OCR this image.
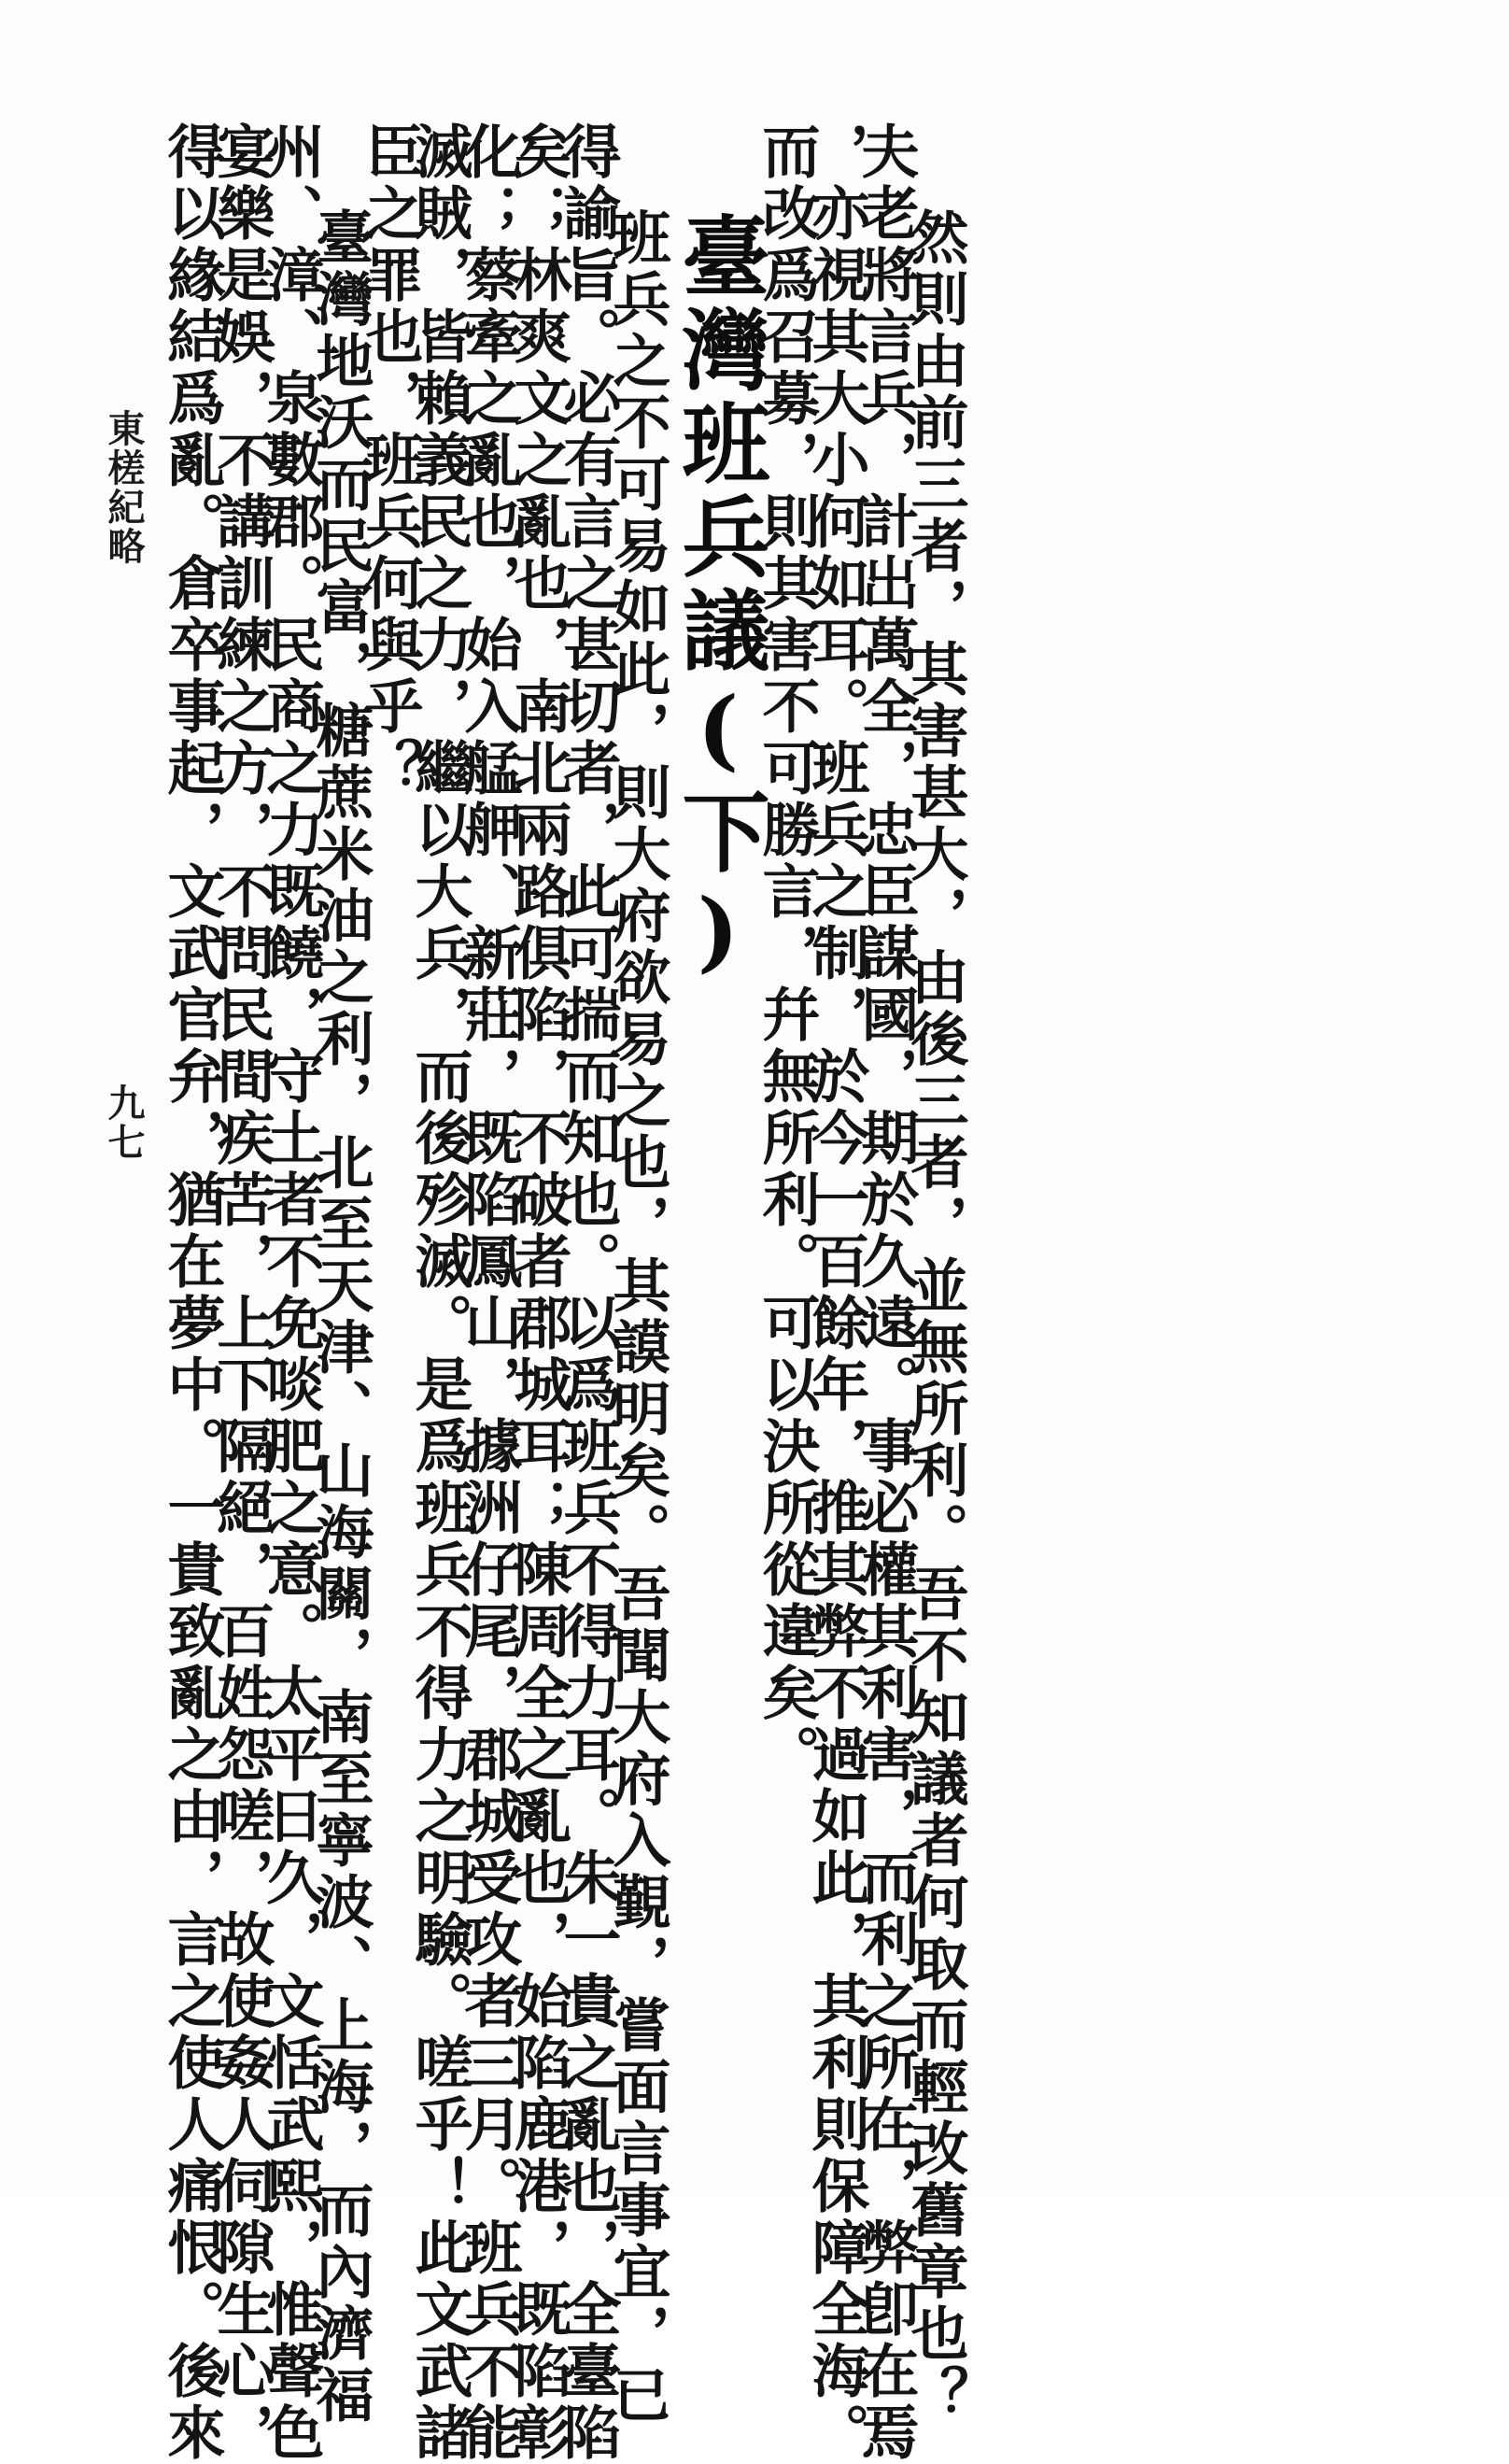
然則由前三者，其害甚大，由後三者，並無所利。吾不知議者何取而輕改舊章也？
夫老將言兵，計出萬全，忠臣謀國，期於久遠。事必權其利害，而利之所在，弊卽在焉
，亦視其大小何如耳。班兵之制，於今一百餘年，推其弊不過如此，其利則保障全海。
而改爲召募，則其害不可勝言，幷無所利。可以決所從違矣。
臺灣班兵議(下)
班兵之不可易如此，則大府欲易之也，其謨明矣。吾聞大府入覲，嘗面言事宜，已
得諭旨。必有言之甚切者，此可揣而知也。以爲班兵不得力耳。朱一貴之亂也，全臺陷
矣；林爽文之亂也，南北兩路俱陷，不破者郡城耳；陳周全之亂也，始陷鹿港，既陷彰
化；蔡牽之亂也，始入艋舺、新莊，既陷鳳山，據洲仔尾，郡城受攻者三月。班兵不能
滅賊，皆賴義民之力，繼以大兵，而後殄滅。是爲班兵不得力之明驗。嗟乎！此文武諸
臣之罪也，班兵何與乎？
臺灣地沃而民富，糖蔗米油之利，北至天津、山海關，南至寧波、上海，而內濟福
州、漳、泉數郡。民商之力既饒，守土者不免啖肥之意。太平日久，文恬武熙，惟聲色
宴樂是娛，不講訓練之方，不問民間疾苦，上下隔絕，百姓怨嗟，故使姦人伺隙生心，
得以緣結爲亂。倉卒事起，文武官弁，猶在夢中。一貴致亂之由，言之使人痛恨。後來
東槎紀略
九七
